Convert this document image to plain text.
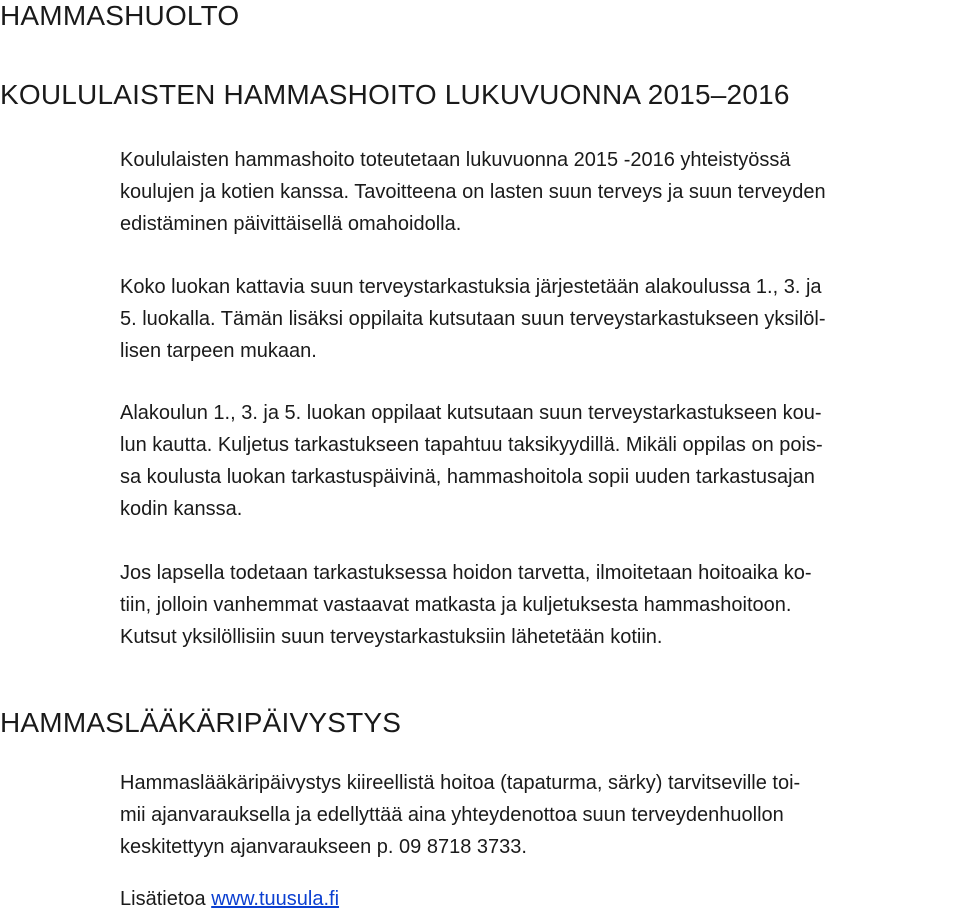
HAMMASHUOLTO
KOULULAISTEN HAMMASHOITO LUKUVUONNA 2015–2016
Koululaisten hammashoito toteutetaan lukuvuonna 2015 -2016 yhteistyössä
koulujen ja kotien kanssa. Tavoitteena on lasten suun terveys ja suun terveyden
edistäminen päivittäisellä omahoidolla.
Koko luokan kattavia suun terveystarkastuksia järjestetään alakoulussa 1., 3. ja
5. luokalla. Tämän lisäksi oppilaita kutsutaan suun terveystarkastukseen yksilöl-
lisen tarpeen mukaan.
Alakoulun 1., 3. ja 5. luokan oppilaat kutsutaan suun terveystarkastukseen kou-
lun kautta. Kuljetus tarkastukseen tapahtuu taksikyydillä. Mikäli oppilas on pois-
sa koulusta luokan tarkastuspäivinä, hammashoitola sopii uuden tarkastusajan
kodin kanssa.
Jos lapsella todetaan tarkastuksessa hoidon tarvetta, ilmoitetaan hoitoaika ko-
tiin, jolloin vanhemmat vastaavat matkasta ja kuljetuksesta hammashoitoon.
Kutsut yksilöllisiin suun terveystarkastuksiin lähetetään kotiin.
HAMMASLÄÄKÄRIPÄIVYSTYS
Hammaslääkäripäivystys kiireellistä hoitoa (tapaturma, särky) tarvitseville toi-
mii ajanvarauksella ja edellyttää aina yhteydenottoa suun terveydenhuollon
keskitettyyn ajanvaraukseen p. 09 8718 3733.
Lisätietoa www.tuusula.fi
